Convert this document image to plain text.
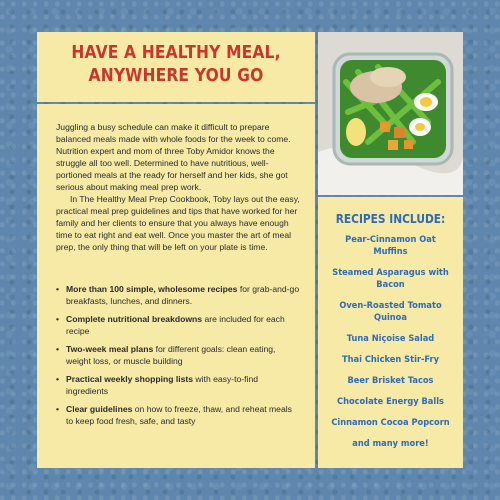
HAVE A HEALTHY MEAL,
ANYWHERE YOU GO

Juggling a busy schedule can make it difficult to prepare balanced meals made with whole foods for the week to come. Nutrition expert and mom of three Toby Amidor knows the struggle all too well. Determined to have nutritious, well-portioned meals at the ready for herself and her kids, she got serious about making meal prep work.

In The Healthy Meal Prep Cookbook, Toby lays out the easy, practical meal prep guidelines and tips that have worked for her family and her clients to ensure that you always have enough time to eat right and eat well. Once you master the art of meal prep, the only thing that will be left on your plate is time.

• More than 100 simple, wholesome recipes for grab-and-go breakfasts, lunches, and dinners.
• Complete nutritional breakdowns are included for each recipe
• Two-week meal plans for different goals: clean eating, weight loss, or muscle building
• Practical weekly shopping lists with easy-to-find ingredients
• Clear guidelines on how to freeze, thaw, and reheat meals to keep food fresh, safe, and tasty
RECIPES INCLUDE:
Pear-Cinnamon Oat Muffins
Steamed Asparagus with Bacon
Oven-Roasted Tomato Quinoa
Tuna Niçoise Salad
Thai Chicken Stir-Fry
Beer Brisket Tacos
Chocolate Energy Balls
Cinnamon Cocoa Popcorn
and many more!
